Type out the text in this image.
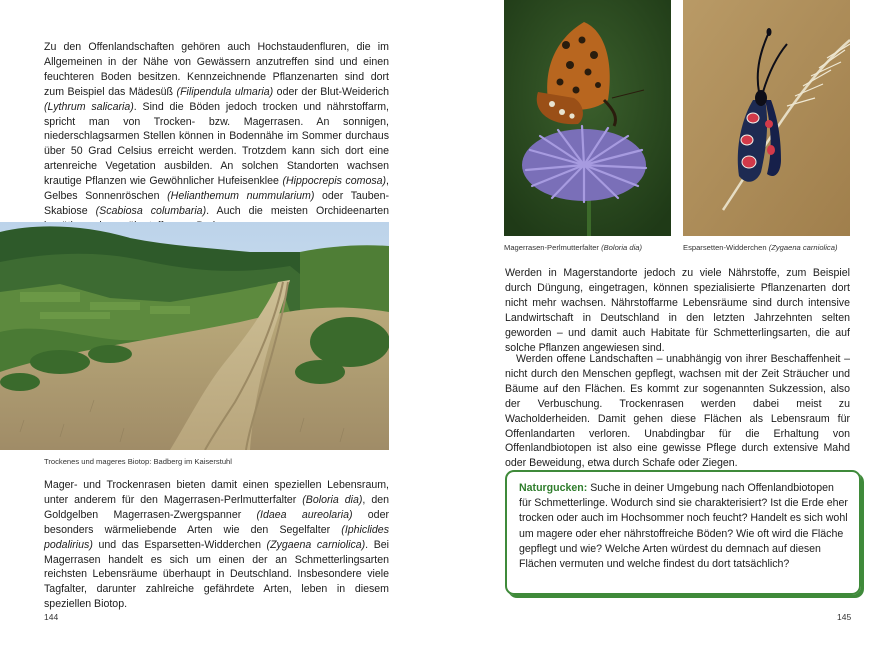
Zu den Offenlandschaften gehören auch Hochstaudenfluren, die im Allgemeinen in der Nähe von Gewässern anzutreffen sind und einen feuchteren Boden besitzen. Kennzeichnende Pflanzenarten sind dort zum Beispiel das Mädesüß (Filipendula ulmaria) oder der Blut-Weiderich (Lythrum salicaria). Sind die Böden jedoch trocken und nährstoffarm, spricht man von Trocken- bzw. Magerrasen. An sonnigen, niederschlagsarmen Stellen können in Bodennähe im Sommer durchaus über 50 Grad Celsius erreicht werden. Trotzdem kann sich dort eine artenreiche Vegetation ausbilden. An solchen Standorten wachsen krautige Pflanzen wie Gewöhnlicher Hufeisenklee (Hippocrepis comosa), Gelbes Sonnenröschen (Helianthemum nummularium) oder Tauben-Skabiose (Scabiosa columbaria). Auch die meisten Orchideenarten

Trockenes und mageres Biotop: Badberg im Kaiserstuhl

Mager- und Trockenrasen bieten damit einen speziellen Lebensraum, unter anderem für den Magerrasen-Perlmutterfalter (Boloria dia), den Goldgelben Magerrasen-Zwergspanner (Idaea aureolaria) oder besonders wärmeliebende Arten wie den Segelfalter (Iphiclides podalirius) und das Esparsetten-Widderchen (Zygaena carniolica). Bei Magerrasen handelt es sich um einen der an Schmetterlingsarten reichsten Lebensräume überhaupt in Deutschland. Insbesondere viele Tagfalter, darunter zahlreiche gefährdete Arten, leben in diesem speziellen Biotop.

144
Magerrasen-Perlmutterfalter (Boloria dia)	Esparsetten-Widderchen (Zygaena carniolica)

Werden in Magerstandorte jedoch zu viele Nährstoffe, zum Beispiel durch Düngung, eingetragen, können spezialisierte Pflanzenarten dort nicht mehr wachsen. Nährstoffarme Lebensräume sind durch intensive Landwirtschaft in Deutschland in den letzten Jahrzehnten selten geworden – und damit auch Habitate für Schmetterlingsarten, die auf solche Pflanzen angewiesen sind.

Werden offene Landschaften – unabhängig von ihrer Beschaffenheit – nicht durch den Menschen gepflegt, wachsen mit der Zeit Sträucher und Bäume auf den Flächen. Es kommt zur sogenannten Sukzession, also der Verbuschung. Trockenrasen werden dabei meist zu Wacholderheiden. Damit gehen diese Flächen als Lebensraum für Offenlandarten verloren. Unabdingbar für die Erhaltung von Offenlandbiotopen ist also eine gewisse Pflege durch extensive Mahd oder Beweidung, etwa durch Schafe oder Ziegen.

Naturgucken: Suche in deiner Umgebung nach Offenlandbiotopen für Schmetterlinge. Wodurch sind sie charakterisiert? Ist die Erde eher trocken oder auch im Hochsommer noch feucht? Handelt es sich wohl um magere oder eher nährstoffreiche Böden? Wie oft wird die Fläche gepflegt und wie? Welche Arten würdest du demnach auf diesen Flächen vermuten und welche findest du dort tatsächlich?
145
